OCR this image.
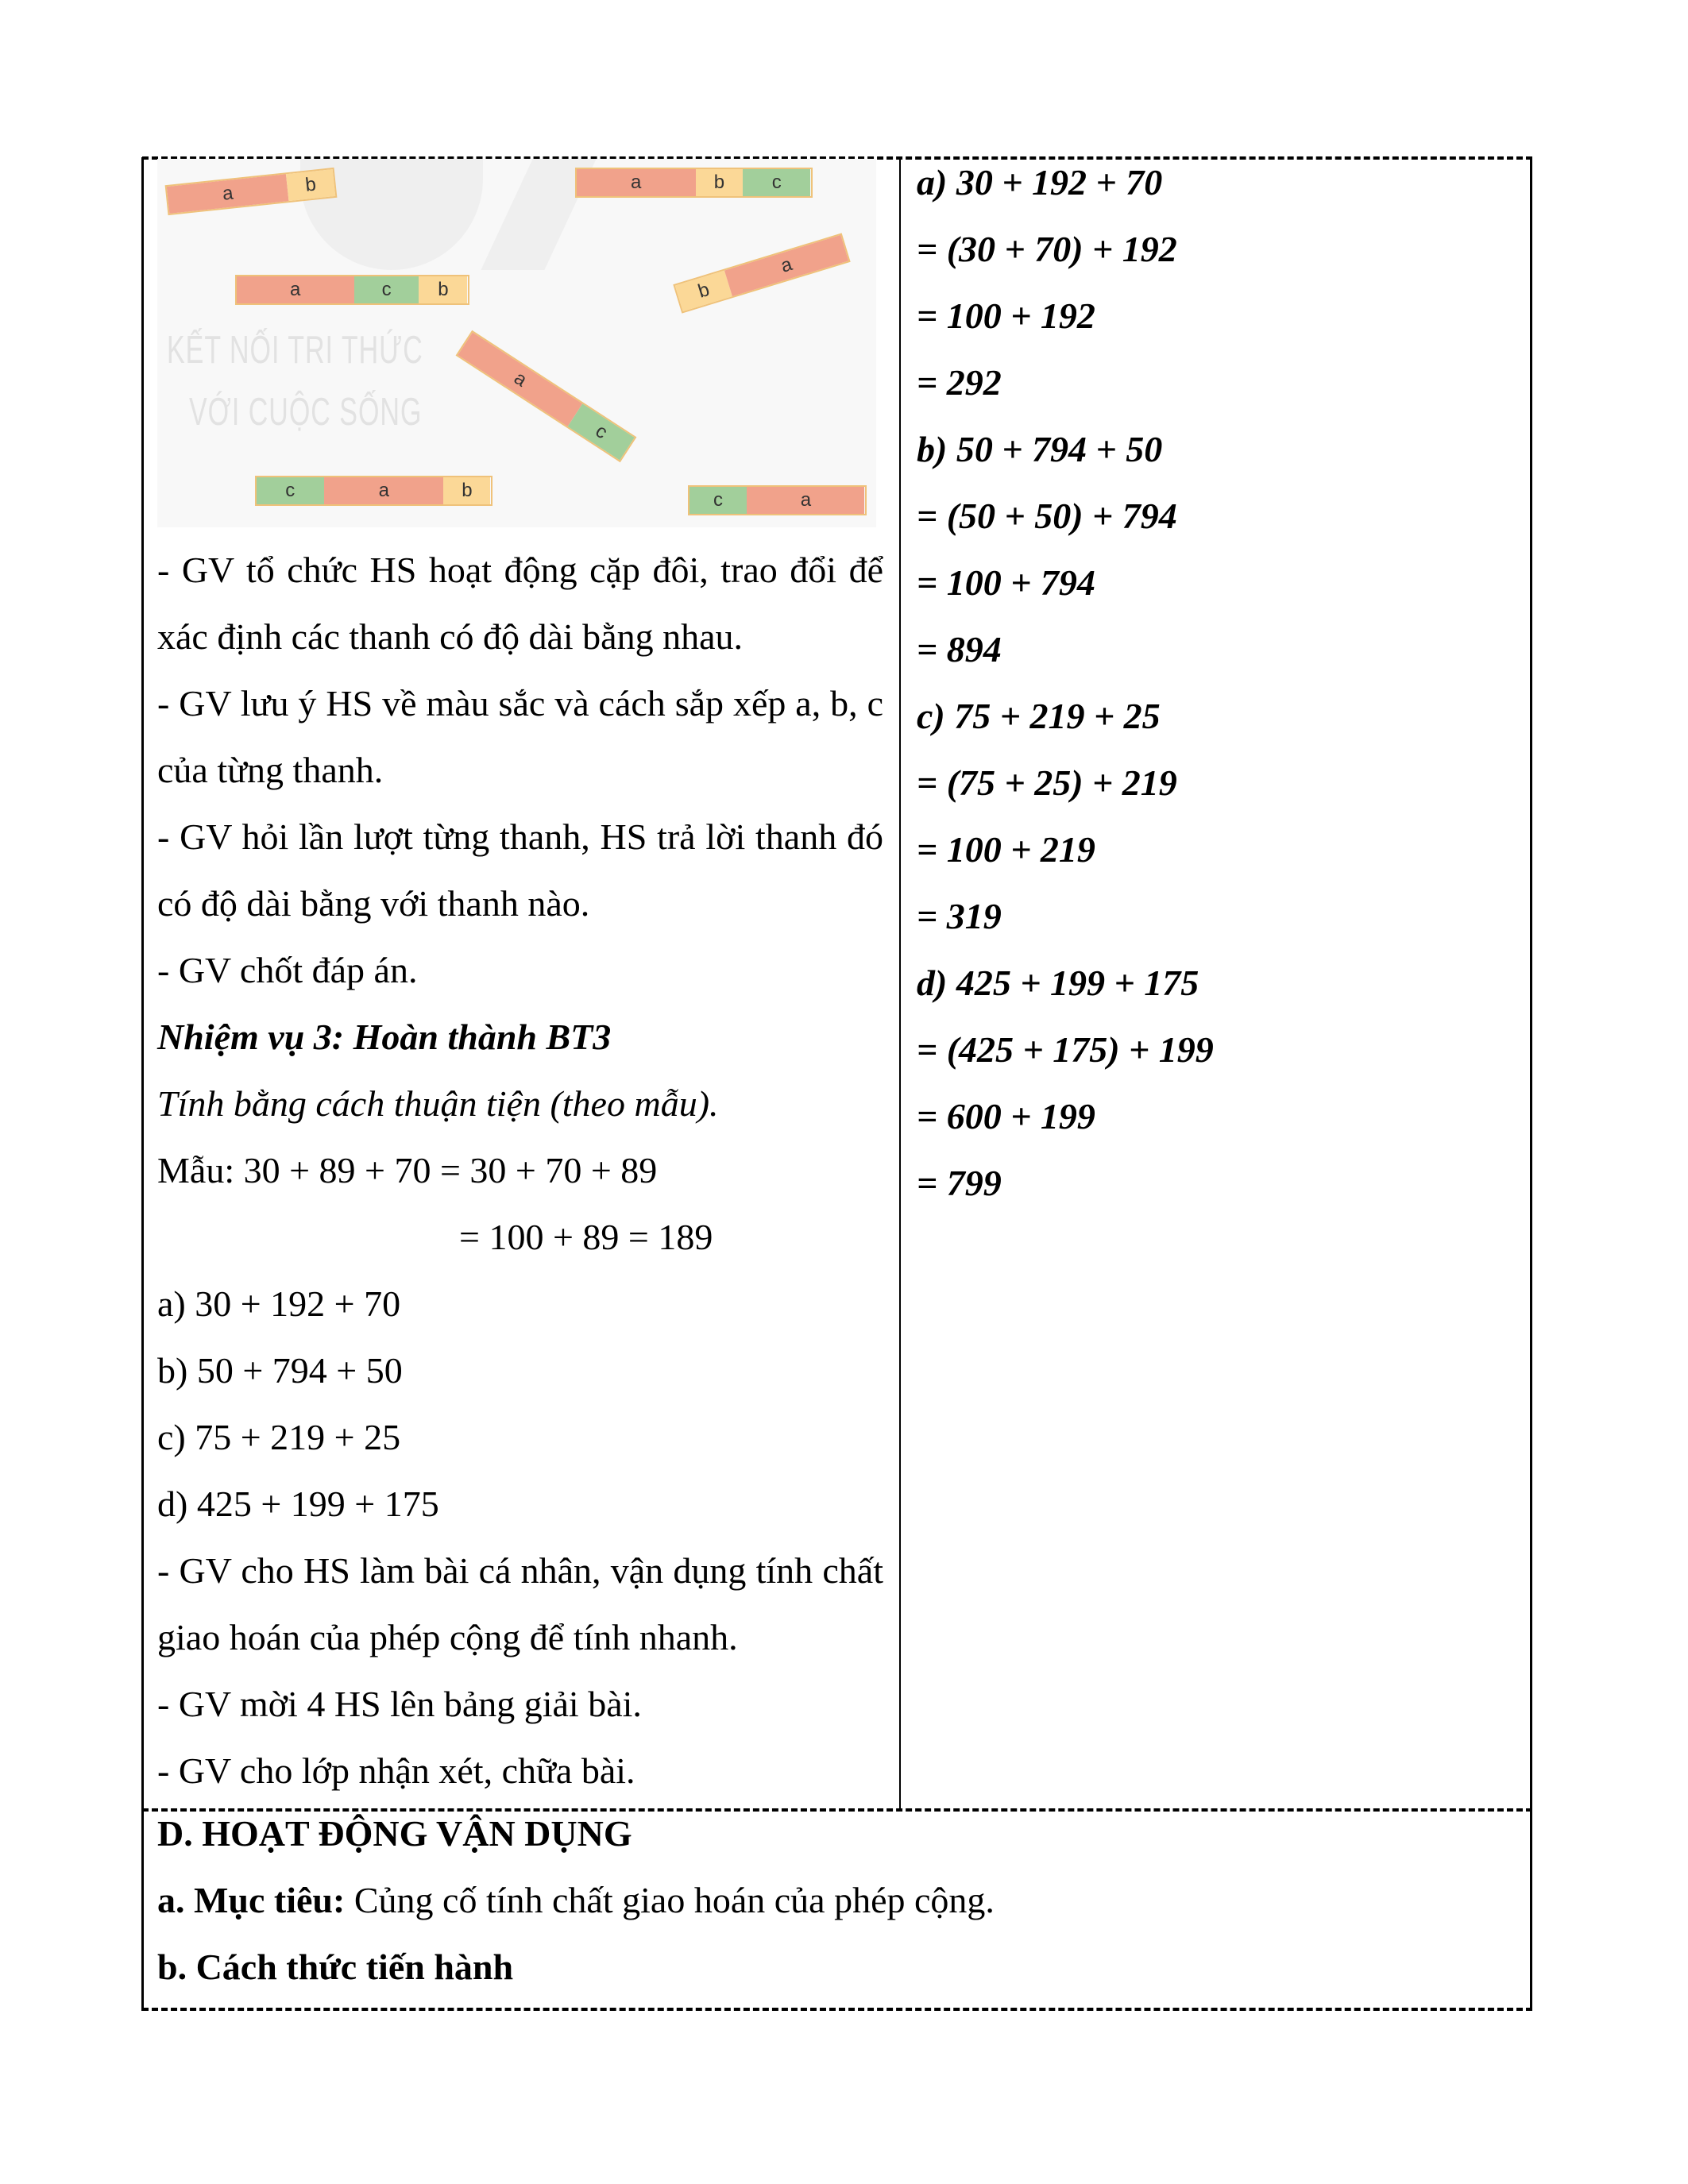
KẾT NỐI TRI THỨC
VỚI CUỘC SỐNG
a	b	a	b	c
a	c	b	b
a
a
c
c	a	b	c	a

- GV tổ chức HS hoạt động cặp đôi, trao đổi để xác định các thanh có độ dài bằng nhau.

- GV lưu ý HS về màu sắc và cách sắp xếp a, b, c của từng thanh.

- GV hỏi lần lượt từng thanh, HS trả lời thanh đó có độ dài bằng với thanh nào.

- GV chốt đáp án.

Nhiệm vụ 3: Hoàn thành BT3

Tính bằng cách thuận tiện (theo mẫu).

Mẫu: 30 + 89 + 70 = 30 + 70 + 89

= 100 + 89 = 189

a) 30 + 192 + 70

b) 50 + 794 + 50

c) 75 + 219 + 25

d) 425 + 199 + 175

- GV cho HS làm bài cá nhân, vận dụng tính chất giao hoán của phép cộng để tính nhanh.

- GV mời 4 HS lên bảng giải bài.

- GV cho lớp nhận xét, chữa bài.

a) 30 + 192 + 70

= (30 + 70) + 192

= 100 + 192

= 292

b) 50 + 794 + 50

= (50 + 50) + 794

= 100 + 794

= 894

c) 75 + 219 + 25

= (75 + 25) + 219

= 100 + 219

= 319

d) 425 + 199 + 175

= (425 + 175) + 199

= 600 + 199

= 799

D. HOẠT ĐỘNG VẬN DỤNG

a. Mục tiêu: Củng cố tính chất giao hoán của phép cộng.

b. Cách thức tiến hành
